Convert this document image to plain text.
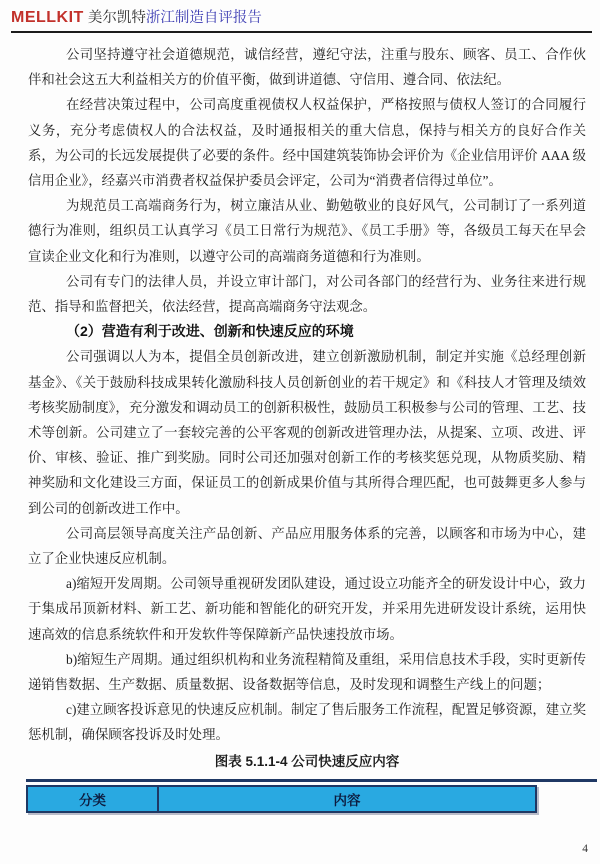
MELLKIT 美尔凯特浙江制造自评报告

公司坚持遵守社会道德规范，诚信经营，遵纪守法，注重与股东、顾客、员工、合作伙伴和社会这五大利益相关方的价值平衡，做到讲道德、守信用、遵合同、依法纪。

在经营决策过程中，公司高度重视债权人权益保护，严格按照与债权人签订的合同履行义务，充分考虑债权人的合法权益，及时通报相关的重大信息，保持与相关方的良好合作关系，为公司的长远发展提供了必要的条件。经中国建筑装饰协会评价为《企业信用评价 AAA 级信用企业》，经嘉兴市消费者权益保护委员会评定，公司为“消费者信得过单位”。

为规范员工高端商务行为，树立廉洁从业、勤勉敬业的良好风气，公司制订了一系列道德行为准则，组织员工认真学习《员工日常行为规范》、《员工手册》等，各级员工每天在早会宣读企业文化和行为准则，以遵守公司的高端商务道德和行为准则。

公司有专门的法律人员，并设立审计部门，对公司各部门的经营行为、业务往来进行规范、指导和监督把关，依法经营，提高高端商务守法观念。

（2）营造有利于改进、创新和快速反应的环境

公司强调以人为本，提倡全员创新改进，建立创新激励机制，制定并实施《总经理创新基金》、《关于鼓励科技成果转化激励科技人员创新创业的若干规定》和《科技人才管理及绩效考核奖励制度》，充分激发和调动员工的创新积极性，鼓励员工积极参与公司的管理、工艺、技术等创新。公司建立了一套较完善的公平客观的创新改进管理办法，从提案、立项、改进、评价、审核、验证、推广到奖励。同时公司还加强对创新工作的考核奖惩兑现，从物质奖励、精神奖励和文化建设三方面，保证员工的创新成果价值与其所得合理匹配，也可鼓舞更多人参与到公司的创新改进工作中。

公司高层领导高度关注产品创新、产品应用服务体系的完善，以顾客和市场为中心，建立了企业快速反应机制。

a)缩短开发周期。公司领导重视研发团队建设，通过设立功能齐全的研发设计中心，致力于集成吊顶新材料、新工艺、新功能和智能化的研究开发，并采用先进研发设计系统，运用快速高效的信息系统软件和开发软件等保障新产品快速投放市场。

b)缩短生产周期。通过组织机构和业务流程精简及重组，采用信息技术手段，实时更新传递销售数据、生产数据、质量数据、设备数据等信息，及时发现和调整生产线上的问题；

c)建立顾客投诉意见的快速反应机制。制定了售后服务工作流程，配置足够资源，建立奖惩机制，确保顾客投诉及时处理。

图表 5.1.1-4 公司快速反应内容
分类	内容
4
